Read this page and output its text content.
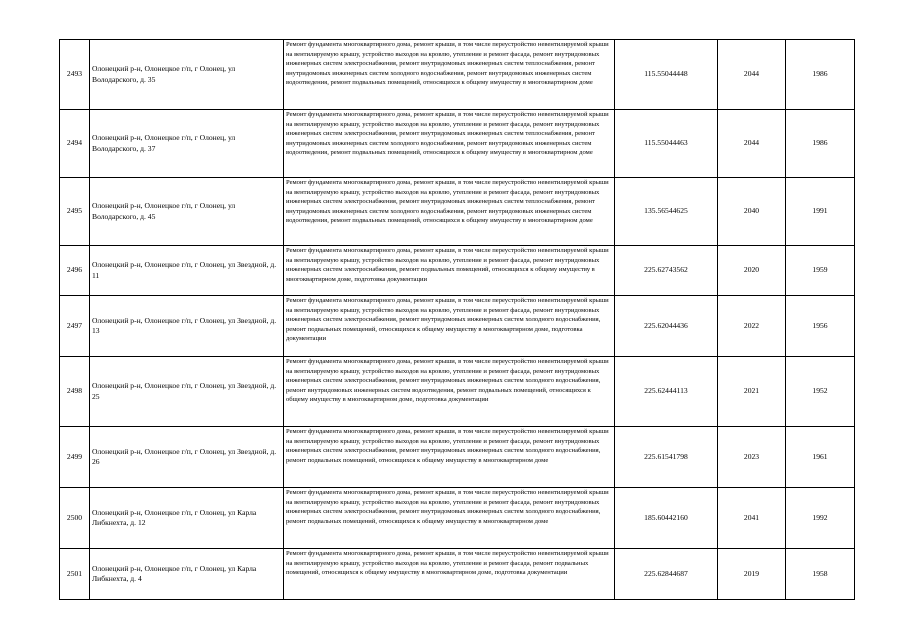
2493	Олонецкий р-н, Олонецкое г/п, г Олонец, ул Володарского, д. 35	Ремонт фундамента многоквартирного дома, ремонт крыши, в том числе переустройство невентилируемой крыши на вентилируемую крышу, устройство выходов на кровлю, утепление и ремонт фасада, ремонт внутридомовых инженерных систем электроснабжения, ремонт внутридомовых инженерных систем теплоснабжения, ремонт внутридомовых инженерных систем холодного водоснабжения, ремонт внутридомовых инженерных систем водоотведения, ремонт подвальных помещений, относящихся к общему имуществу в многоквартирном доме	115.55044448	2044	1986
2494	Олонецкий р-н, Олонецкое г/п, г Олонец, ул Володарского, д. 37	Ремонт фундамента многоквартирного дома, ремонт крыши, в том числе переустройство невентилируемой крыши на вентилируемую крышу, устройство выходов на кровлю, утепление и ремонт фасада, ремонт внутридомовых инженерных систем электроснабжения, ремонт внутридомовых инженерных систем теплоснабжения, ремонт внутридомовых инженерных систем холодного водоснабжения, ремонт внутридомовых инженерных систем водоотведения, ремонт подвальных помещений, относящихся к общему имуществу в многоквартирном доме	115.55044463	2044	1986
2495	Олонецкий р-н, Олонецкое г/п, г Олонец, ул Володарского, д. 45	Ремонт фундамента многоквартирного дома, ремонт крыши, в том числе переустройство невентилируемой крыши на вентилируемую крышу, устройство выходов на кровлю, утепление и ремонт фасада, ремонт внутридомовых инженерных систем электроснабжения, ремонт внутридомовых инженерных систем теплоснабжения, ремонт внутридомовых инженерных систем холодного водоснабжения, ремонт внутридомовых инженерных систем водоотведения, ремонт подвальных помещений, относящихся к общему имуществу в многоквартирном доме	135.56544625	2040	1991
2496	Олонецкий р-н, Олонецкое г/п, г Олонец, ул Звездной, д. 11	Ремонт фундамента многоквартирного дома, ремонт крыши, в том числе переустройство невентилируемой крыши на вентилируемую крышу, устройство выходов на кровлю, утепление и ремонт фасада, ремонт внутридомовых инженерных систем электроснабжения, ремонт подвальных помещений, относящихся к общему имуществу в многоквартирном доме, подготовка документации	225.62743562	2020	1959
2497	Олонецкий р-н, Олонецкое г/п, г Олонец, ул Звездной, д. 13	Ремонт фундамента многоквартирного дома, ремонт крыши, в том числе переустройство невентилируемой крыши на вентилируемую крышу, устройство выходов на кровлю, утепление и ремонт фасада, ремонт внутридомовых инженерных систем электроснабжения, ремонт внутридомовых инженерных систем холодного водоснабжения, ремонт подвальных помещений, относящихся к общему имуществу в многоквартирном доме, подготовка документации	225.62044436	2022	1956
2498	Олонецкий р-н, Олонецкое г/п, г Олонец, ул Звездной, д. 25	Ремонт фундамента многоквартирного дома, ремонт крыши, в том числе переустройство невентилируемой крыши на вентилируемую крышу, устройство выходов на кровлю, утепление и ремонт фасада, ремонт внутридомовых инженерных систем электроснабжения, ремонт внутридомовых инженерных систем холодного водоснабжения, ремонт внутридомовых инженерных систем водоотведения, ремонт подвальных помещений, относящихся к общему имуществу в многоквартирном доме, подготовка документации	225.62444113	2021	1952
2499	Олонецкий р-н, Олонецкое г/п, г Олонец, ул Звездной, д. 26	Ремонт фундамента многоквартирного дома, ремонт крыши, в том числе переустройство невентилируемой крыши на вентилируемую крышу, устройство выходов на кровлю, утепление и ремонт фасада, ремонт внутридомовых инженерных систем электроснабжения, ремонт внутридомовых инженерных систем холодного водоснабжения, ремонт подвальных помещений, относящихся к общему имуществу в многоквартирном доме	225.61541798	2023	1961
2500	Олонецкий р-н, Олонецкое г/п, г Олонец, ул Карла Либкнехта, д. 12	Ремонт фундамента многоквартирного дома, ремонт крыши, в том числе переустройство невентилируемой крыши на вентилируемую крышу, устройство выходов на кровлю, утепление и ремонт фасада, ремонт внутридомовых инженерных систем электроснабжения, ремонт внутридомовых инженерных систем холодного водоснабжения, ремонт подвальных помещений, относящихся к общему имуществу в многоквартирном доме	185.60442160	2041	1992
2501	Олонецкий р-н, Олонецкое г/п, г Олонец, ул Карла Либкнехта, д. 4	Ремонт фундамента многоквартирного дома, ремонт крыши, в том числе переустройство невентилируемой крыши на вентилируемую крышу, устройство выходов на кровлю, утепление и ремонт фасада, ремонт подвальных помещений, относящихся к общему имуществу в многоквартирном доме, подготовка документации	225.62844687	2019	1958
